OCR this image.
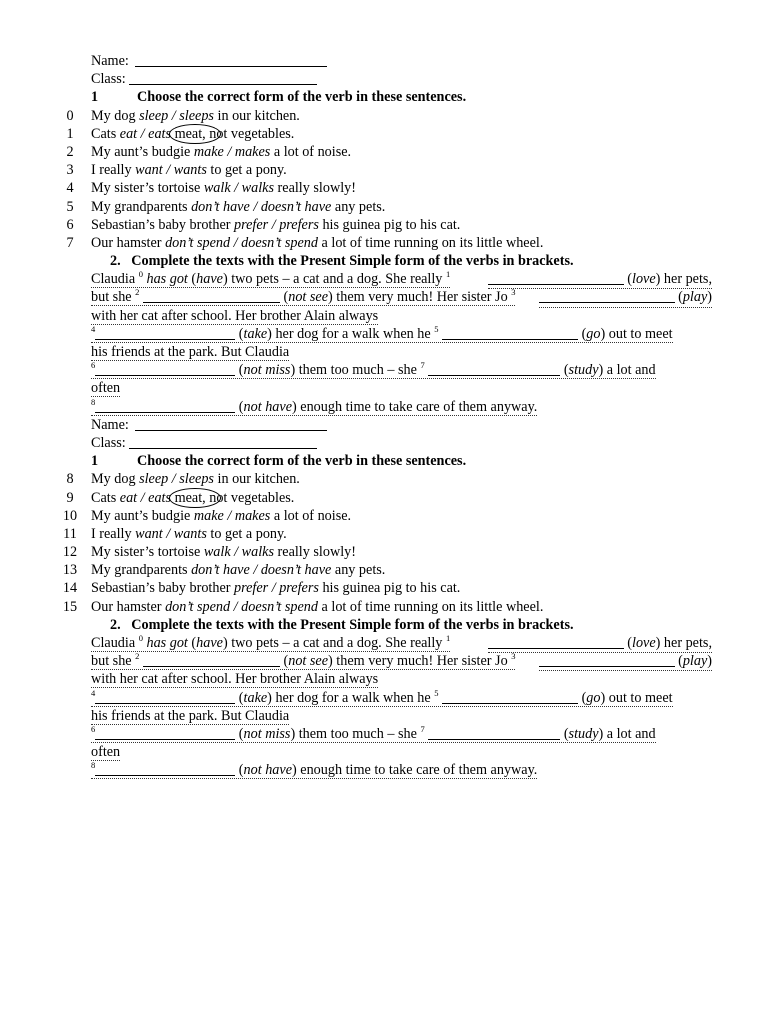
Name:
Class:
1	Choose the correct form of the verb in these sentences.
0	My dog sleep / sleeps in our kitchen.
1	Cats eat / eats meat, not vegetables.
2	My aunt’s budgie make / makes a lot of noise.
3	I really want / wants to get a pony.
4	My sister’s tortoise walk / walks really slowly!
5	My grandparents don’t have / doesn’t have any pets.
6	Sebastian’s baby brother prefer / prefers his guinea pig to his cat.
7	Our hamster don’t spend / doesn’t spend a lot of time running on its little wheel.
2. Complete the texts with the Present Simple form of the verbs in brackets.
Claudia $^0$ has got (have) two pets – a cat and a dog. She really $^1$	(love) her pets,
but she $^2$	(not see) them very much! Her sister Jo $^3$	(play)
with her cat after school. Her brother Alain always
$^4$	(take) her dog for a walk when he $^5$	(go) out to meet
his friends at the park. But Claudia
$^6$	(not miss) them too much – she $^7$	(study) a lot and
often
$^8$	(not have) enough time to take care of them anyway.
Name:
Class:
1	Choose the correct form of the verb in these sentences.
8	My dog sleep / sleeps in our kitchen.
9	Cats eat / eats meat, not vegetables.
10 My aunt’s budgie make / makes a lot of noise.
11 I really want / wants to get a pony.
12 My sister’s tortoise walk / walks really slowly!
13 My grandparents don’t have / doesn’t have any pets.
14 Sebastian’s baby brother prefer / prefers his guinea pig to his cat.
15 Our hamster don’t spend / doesn’t spend a lot of time running on its little wheel.
2. Complete the texts with the Present Simple form of the verbs in brackets.
Claudia $^0$ has got (have) two pets – a cat and a dog. She really $^1$	(love) her pets,
but she $^2$	(not see) them very much! Her sister Jo $^3$	(play)
with her cat after school. Her brother Alain always
$^4$	(take) her dog for a walk when he $^5$	(go) out to meet
his friends at the park. But Claudia
$^6$	(not miss) them too much – she $^7$	(study) a lot and
often
$^8$	(not have) enough time to take care of them anyway.
